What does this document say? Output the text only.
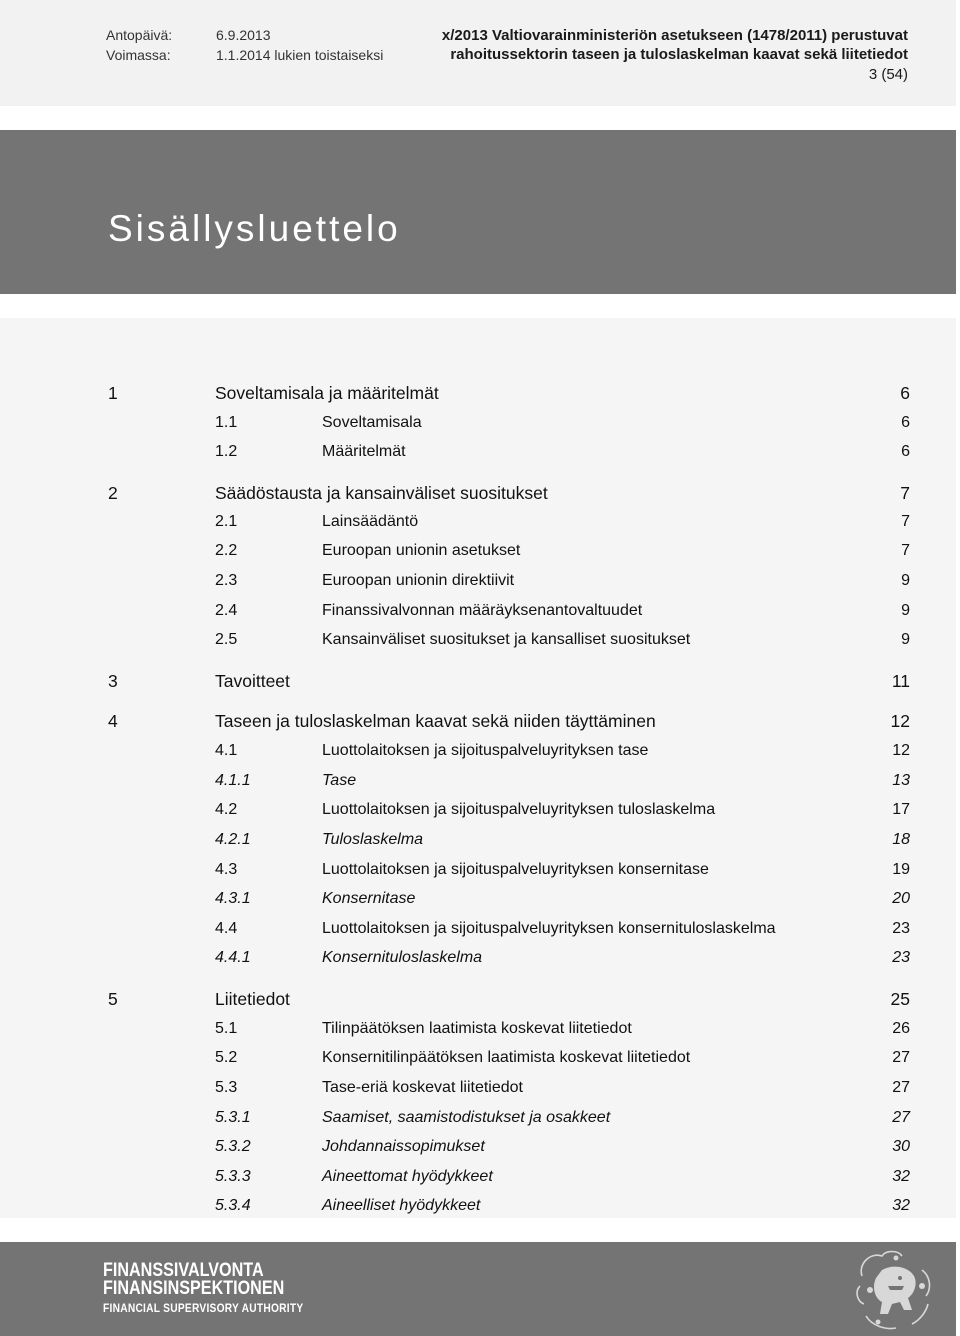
Antopäivä:	6.9.2013
Voimassa:	1.1.2014 lukien toistaiseksi
x/2013 Valtiovarainministeriön asetukseen (1478/2011) perustuvat
rahoitussektorin taseen ja tuloslaskelman kaavat sekä liitetiedot
3 (54)
Sisällysluettelo
1	Soveltamisala ja määritelmät	6
1.1	Soveltamisala	6
1.2	Määritelmät	6
2	Säädöstausta ja kansainväliset suositukset	7
2.1	Lainsäädäntö	7
2.2	Euroopan unionin asetukset	7
2.3	Euroopan unionin direktiivit	9
2.4	Finanssivalvonnan määräyksenantovaltuudet	9
2.5	Kansainväliset suositukset ja kansalliset suositukset	9
3	Tavoitteet	11
4	Taseen ja tuloslaskelman kaavat sekä niiden täyttäminen	12
4.1	Luottolaitoksen ja sijoituspalveluyrityksen tase	12
4.1.1	Tase	13
4.2	Luottolaitoksen ja sijoituspalveluyrityksen tuloslaskelma	17
4.2.1	Tuloslaskelma	18
4.3	Luottolaitoksen ja sijoituspalveluyrityksen konsernitase	19
4.3.1	Konsernitase	20
4.4	Luottolaitoksen ja sijoituspalveluyrityksen konsernituloslaskelma	23
4.4.1	Konsernituloslaskelma	23
5	Liitetiedot	25
5.1	Tilinpäätöksen laatimista koskevat liitetiedot	26
5.2	Konsernitilinpäätöksen laatimista koskevat liitetiedot	27
5.3	Tase-eriä koskevat liitetiedot	27
5.3.1	Saamiset, saamistodistukset ja osakkeet	27
5.3.2	Johdannaissopimukset	30
5.3.3	Aineettomat hyödykkeet	32
5.3.4	Aineelliset hyödykkeet	32
FINANSSIVALVONTA
FINANSINSPEKTIONEN
FINANCIAL SUPERVISORY AUTHORITY
